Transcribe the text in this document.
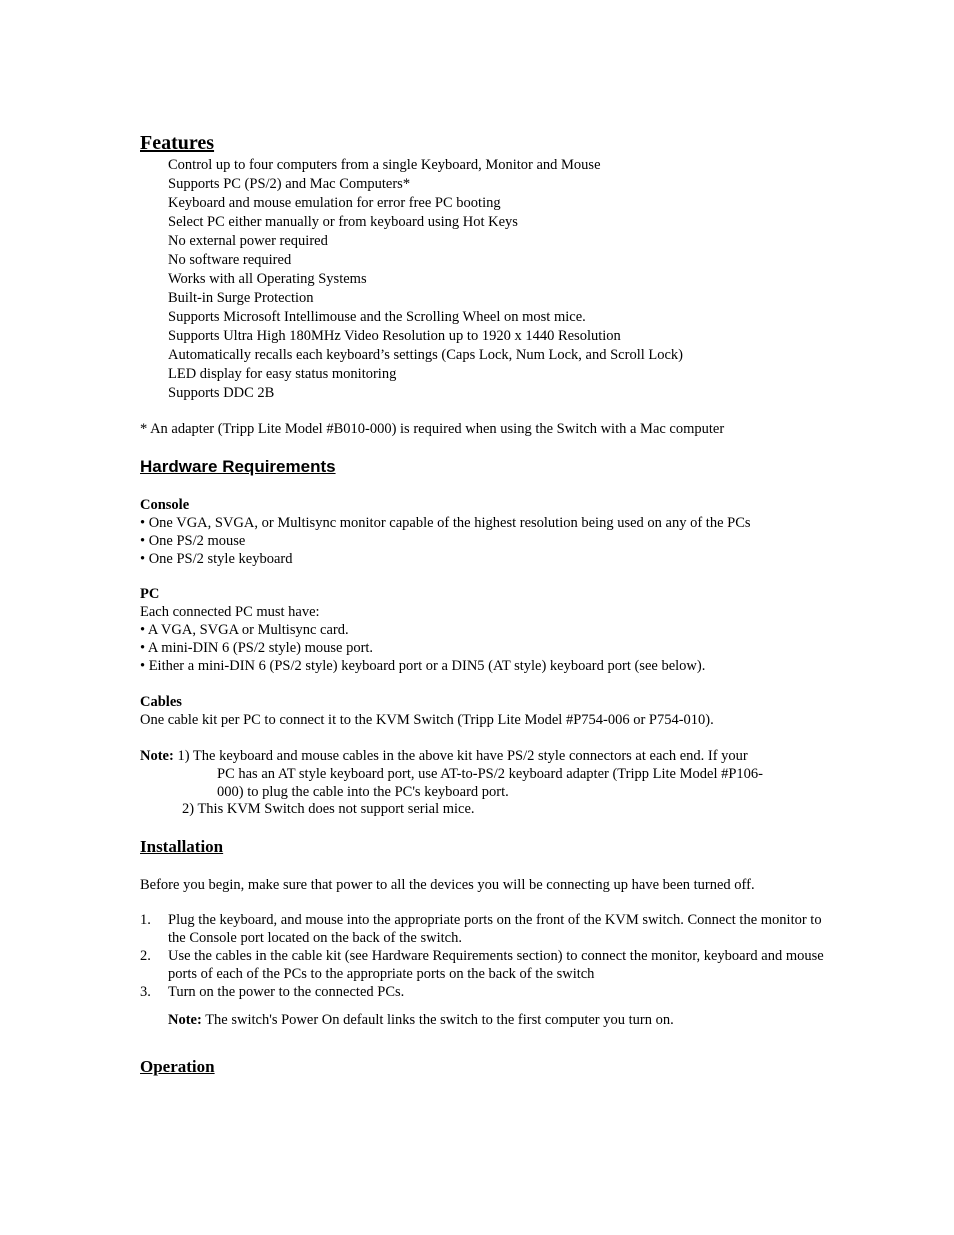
Features
Control up to four computers from a single Keyboard, Monitor and Mouse
Supports PC (PS/2) and Mac Computers*
Keyboard and mouse emulation for error free PC booting
Select PC either manually or from keyboard using Hot Keys
No external power required
No software required
Works with all Operating Systems
Built-in Surge Protection
Supports Microsoft Intellimouse and the Scrolling Wheel on most mice.
Supports Ultra High 180MHz Video Resolution up to 1920 x 1440 Resolution
Automatically recalls each keyboard’s settings (Caps Lock, Num Lock, and Scroll Lock)
LED display for easy status monitoring
Supports DDC 2B
* An adapter (Tripp Lite Model #B010-000) is required when using the Switch with a Mac computer
Hardware Requirements
Console
• One VGA, SVGA, or Multisync monitor capable of the highest resolution being used on any of the PCs
• One PS/2 mouse
• One PS/2 style keyboard
PC
Each connected PC must have:
• A VGA, SVGA or Multisync card.
• A mini-DIN 6 (PS/2 style) mouse port.
• Either a mini-DIN 6 (PS/2 style) keyboard port or a DIN5 (AT style) keyboard port (see below).
Cables
One cable kit per PC to connect it to the KVM Switch (Tripp Lite Model #P754-006 or P754-010).
Note: 1) The keyboard and mouse cables in the above kit have PS/2 style connectors at each end. If your
PC has an AT style keyboard port, use AT-to-PS/2 keyboard adapter (Tripp Lite Model #P106-
000) to plug the cable into the PC's keyboard port.
2) This KVM Switch does not support serial mice.
Installation
Before you begin, make sure that power to all the devices you will be connecting up have been turned off.
1. Plug the keyboard, and mouse into the appropriate ports on the front of the KVM switch. Connect the monitor to the Console port located on the back of the switch.
2. Use the cables in the cable kit (see Hardware Requirements section) to connect the monitor, keyboard and mouse ports of each of the PCs to the appropriate ports on the back of the switch
3. Turn on the power to the connected PCs.
Note: The switch's Power On default links the switch to the first computer you turn on.
Operation
